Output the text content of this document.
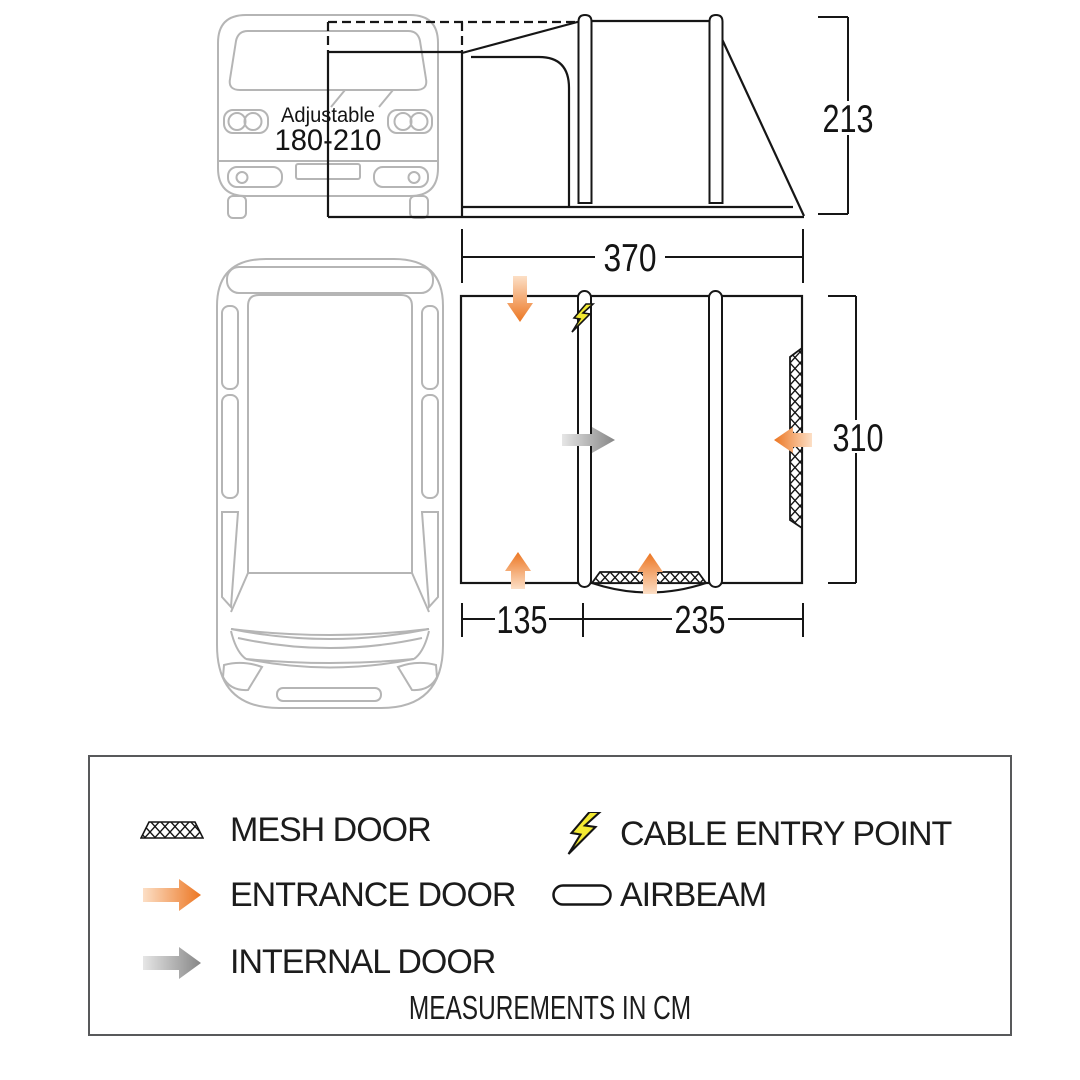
213
370
310
135	235
Adjustable
180-210
MESH DOOR	CABLE ENTRY POINT
ENTRANCE DOOR	AIRBEAM
INTERNAL DOOR
MEASUREMENTS IN CM
